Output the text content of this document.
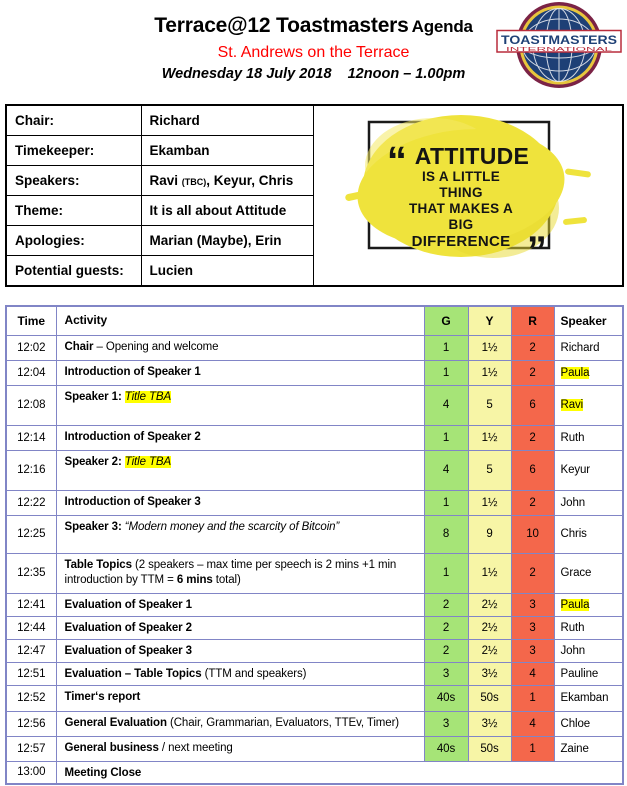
Terrace@12 Toastmasters Agenda
St. Andrews on the Terrace
Wednesday 18 July 2018    12noon – 1.00pm
TOASTMASTERS
INTERNATIONAL
Chair:	Richard	
“ ATTITUDE
IS A LITTLE
THING
THAT MAKES A
BIG
DIFFERENCE ”

Timekeeper:	Ekamban	
Speakers:	Ravi (TBC), Keyur, Chris	
Theme:	It is all about Attitude	
Apologies:	Marian (Maybe), Erin	
Potential guests:	Lucien	
Time	Activity	G	Y	R	Speaker
12:02	Chair – Opening and welcome	1	1½	2	Richard
12:04	Introduction of Speaker 1	1	1½	2	Paula
12:08	Speaker 1: Title TBA	4	5	6	Ravi
12:14	Introduction of Speaker 2	1	1½	2	Ruth
12:16	Speaker 2: Title TBA	4	5	6	Keyur
12:22	Introduction of Speaker 3	1	1½	2	John
12:25	Speaker 3: “Modern money and the scarcity of Bitcoin”	8	9	10	Chris
12:35	Table Topics (2 speakers – max time per speech is 2 mins +1 min introduction by TTM = 6 mins total)	1	1½	2	Grace
12:41	Evaluation of Speaker 1	2	2½	3	Paula
12:44	Evaluation of Speaker 2	2	2½	3	Ruth
12:47	Evaluation of Speaker 3	2	2½	3	John
12:51	Evaluation – Table Topics (TTM and speakers)	3	3½	4	Pauline
12:52	Timer‘s report	40s	50s	1	Ekamban
12:56	General Evaluation (Chair, Grammarian, Evaluators, TTEv, Timer)	3	3½	4	Chloe
12:57	General business / next meeting	40s	50s	1	Zaine
13:00	Meeting Close				
